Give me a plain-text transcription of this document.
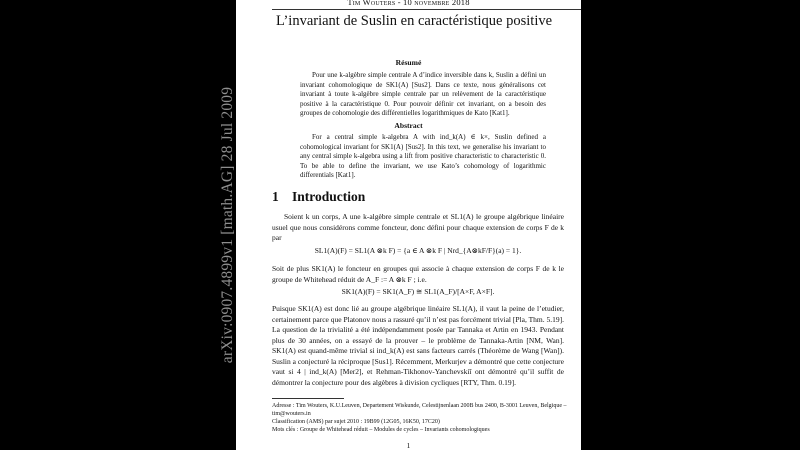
arXiv:0907.4899v1 [math.AG] 28 Jul 2009
Tim Wouters - 10 novembre 2018
L’invariant de Suslin en caractéristique positive
Résumé

Pour une k-algèbre simple centrale A d’indice inversible dans k, Suslin a défini un invariant cohomologique de SK1(A) [Sus2]. Dans ce texte, nous généralisons cet invariant à toute k-algèbre simple centrale par un relèvement de la caractéristique positive à la caractéristique 0. Pour pouvoir définir cet invariant, on a besoin des groupes de cohomologie des différentielles logarithmiques de Kato [Kat1].

Abstract

For a central simple k-algebra A with ind_k(A) ∈ k×, Suslin defined a cohomological invariant for SK1(A) [Sus2]. In this text, we generalise his invariant to any central simple k-algebra using a lift from positive characteristic to characteristic 0. To be able to define the invariant, we use Kato’s cohomology of logarithmic differentials [Kat1].

1 Introduction

Soient k un corps, A une k-algèbre simple centrale et SL1(A) le groupe algébrique linéaire usuel que nous considérons comme foncteur, donc défini pour chaque extension de corps F de k par

SL1(A)(F) = SL1(A ⊗k F) = {a ∈ A ⊗k F | Nrd_{A⊗kF/F}(a) = 1}.

Soit de plus SK1(A) le foncteur en groupes qui associe à chaque extension de corps F de k le groupe de Whitehead réduit de A_F := A ⊗k F ; i.e.

SK1(A)(F) = SK1(A_F) ≅ SL1(A_F)/[A×F, A×F].

Puisque SK1(A) est donc lié au groupe algébrique linéaire SL1(A), il vaut la peine de l’etudier, certainement parce que Platonov nous a rassuré qu’il n’est pas forcément trivial [Pla, Thm. 5.19]. La question de la trivialité a été indépendamment posée par Tannaka et Artin en 1943. Pendant plus de 30 années, on a essayé de la prouver – le problème de Tannaka-Artin [NM, Wan]. SK1(A) est quand-même trivial si ind_k(A) est sans facteurs carrés (Théorème de Wang [Wan]). Suslin a conjecturé la réciproque [Sus1]. Récemment, Merkurjev a démontré que cette conjecture vaut si 4 | ind_k(A) [Mer2], et Rehman-Tikhonov-Yanchevskiĭ ont démontré qu’il suffit de démontrer la conjecture pour des algèbres à division cycliques [RTY, Thm. 0.19].

Adresse : Tim Wouters, K.U.Leuven, Departement Wiskunde, Celestijnenlaan 200B bus 2400, B-3001 Leuven, Belgique – tim@wouters.in

Classification (AMS) par sujet 2010 : 19B99 (12G05, 16K50, 17C20)

Mots clés : Groupe de Whitehead réduit – Modules de cycles – Invariants cohomologiques

1
